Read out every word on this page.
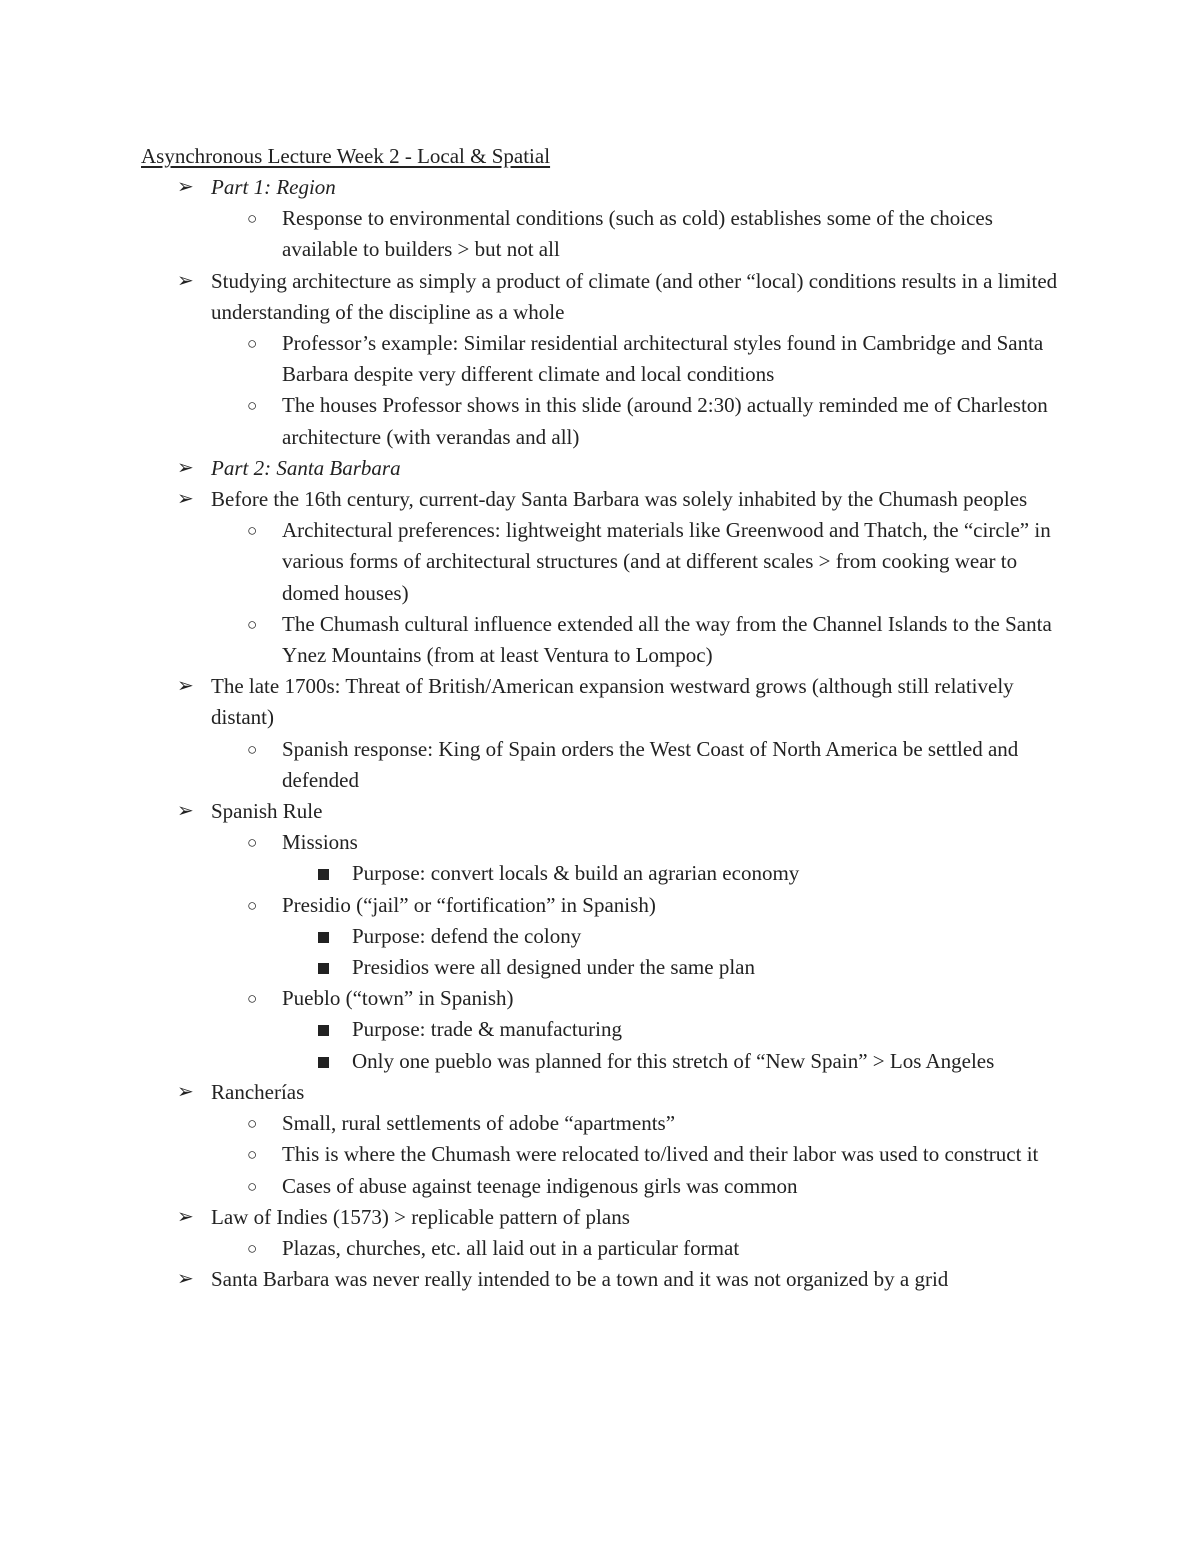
Asynchronous Lecture Week 2 - Local & Spatial
➢ Part 1: Region
○ Response to environmental conditions (such as cold) establishes some of the choices available to builders > but not all
➢ Studying architecture as simply a product of climate (and other “local) conditions results in a limited understanding of the discipline as a whole
○ Professor’s example: Similar residential architectural styles found in Cambridge and Santa Barbara despite very different climate and local conditions
○ The houses Professor shows in this slide (around 2:30) actually reminded me of Charleston architecture (with verandas and all)
➢ Part 2: Santa Barbara
➢ Before the 16th century, current-day Santa Barbara was solely inhabited by the Chumash peoples
○ Architectural preferences: lightweight materials like Greenwood and Thatch, the “circle” in various forms of architectural structures (and at different scales > from cooking wear to domed houses)
○ The Chumash cultural influence extended all the way from the Channel Islands to the Santa Ynez Mountains (from at least Ventura to Lompoc)
➢ The late 1700s: Threat of British/American expansion westward grows (although still relatively distant)
○ Spanish response: King of Spain orders the West Coast of North America be settled and defended
➢ Spanish Rule
○ Missions
Purpose: convert locals & build an agrarian economy
○ Presidio (“jail” or “fortification” in Spanish)
Purpose: defend the colony
Presidios were all designed under the same plan
○ Pueblo (“town” in Spanish)
Purpose: trade & manufacturing
Only one pueblo was planned for this stretch of “New Spain” > Los Angeles
➢ Rancherías
○ Small, rural settlements of adobe “apartments”
○ This is where the Chumash were relocated to/lived and their labor was used to construct it
○ Cases of abuse against teenage indigenous girls was common
➢ Law of Indies (1573) > replicable pattern of plans
○ Plazas, churches, etc. all laid out in a particular format
➢ Santa Barbara was never really intended to be a town and it was not organized by a grid
